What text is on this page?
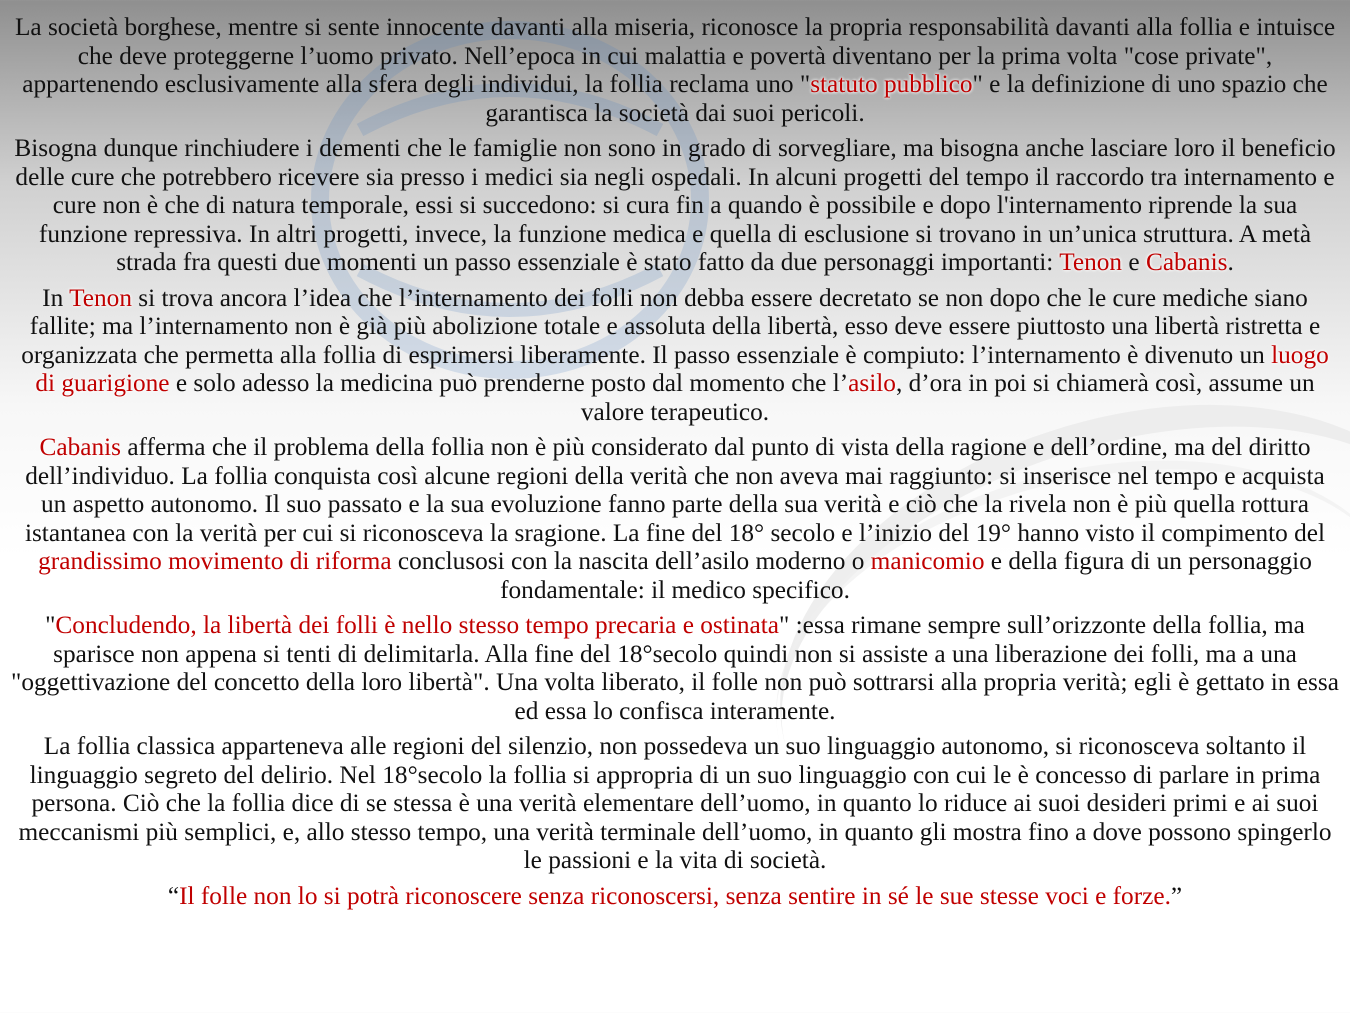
La società borghese, mentre si sente innocente davanti alla miseria, riconosce la propria responsabilità davanti alla follia e intuisce che deve proteggerne l’uomo privato. Nell’epoca in cui malattia e povertà diventano per la prima volta "cose private", appartenendo esclusivamente alla sfera degli individui, la follia reclama uno "statuto pubblico" e la definizione di uno spazio che garantisca la società dai suoi pericoli.

Bisogna dunque rinchiudere i dementi che le famiglie non sono in grado di sorvegliare, ma bisogna anche lasciare loro il beneficio delle cure che potrebbero ricevere sia presso i medici sia negli ospedali. In alcuni progetti del tempo il raccordo tra internamento e cure non è che di natura temporale, essi si succedono: si cura fin a quando è possibile e dopo l'internamento riprende la sua funzione repressiva. In altri progetti, invece, la funzione medica e quella di esclusione si trovano in un’unica struttura. A metà strada fra questi due momenti un passo essenziale è stato fatto da due personaggi importanti: Tenon e Cabanis.

In Tenon si trova ancora l’idea che l’internamento dei folli non debba essere decretato se non dopo che le cure mediche siano fallite; ma l’internamento non è già più abolizione totale e assoluta della libertà, esso deve essere piuttosto una libertà ristretta e organizzata che permetta alla follia di esprimersi liberamente. Il passo essenziale è compiuto: l’internamento è divenuto un luogo di guarigione e solo adesso la medicina può prenderne posto dal momento che l’asilo, d’ora in poi si chiamerà così, assume un valore terapeutico.

Cabanis afferma che il problema della follia non è più considerato dal punto di vista della ragione e dell’ordine, ma del diritto dell’individuo. La follia conquista così alcune regioni della verità che non aveva mai raggiunto: si inserisce nel tempo e acquista un aspetto autonomo. Il suo passato e la sua evoluzione fanno parte della sua verità e ciò che la rivela non è più quella rottura istantanea con la verità per cui si riconosceva la sragione. La fine del 18° secolo e l’inizio del 19° hanno visto il compimento del grandissimo movimento di riforma conclusosi con la nascita dell’asilo moderno o manicomio e della figura di un personaggio fondamentale: il medico specifico.

"Concludendo, la libertà dei folli è nello stesso tempo precaria e ostinata" :essa rimane sempre sull’orizzonte della follia, ma sparisce non appena si tenti di delimitarla. Alla fine del 18°secolo quindi non si assiste a una liberazione dei folli, ma a una "oggettivazione del concetto della loro libertà". Una volta liberato, il folle non può sottrarsi alla propria verità; egli è gettato in essa ed essa lo confisca interamente.

La follia classica apparteneva alle regioni del silenzio, non possedeva un suo linguaggio autonomo, si riconosceva soltanto il linguaggio segreto del delirio. Nel 18°secolo la follia si appropria di un suo linguaggio con cui le è concesso di parlare in prima persona. Ciò che la follia dice di se stessa è una verità elementare dell’uomo, in quanto lo riduce ai suoi desideri primi e ai suoi meccanismi più semplici, e, allo stesso tempo, una verità terminale dell’uomo, in quanto gli mostra fino a dove possono spingerlo le passioni e la vita di società.

“Il folle non lo si potrà riconoscere senza riconoscersi, senza sentire in sé le sue stesse voci e forze.”
